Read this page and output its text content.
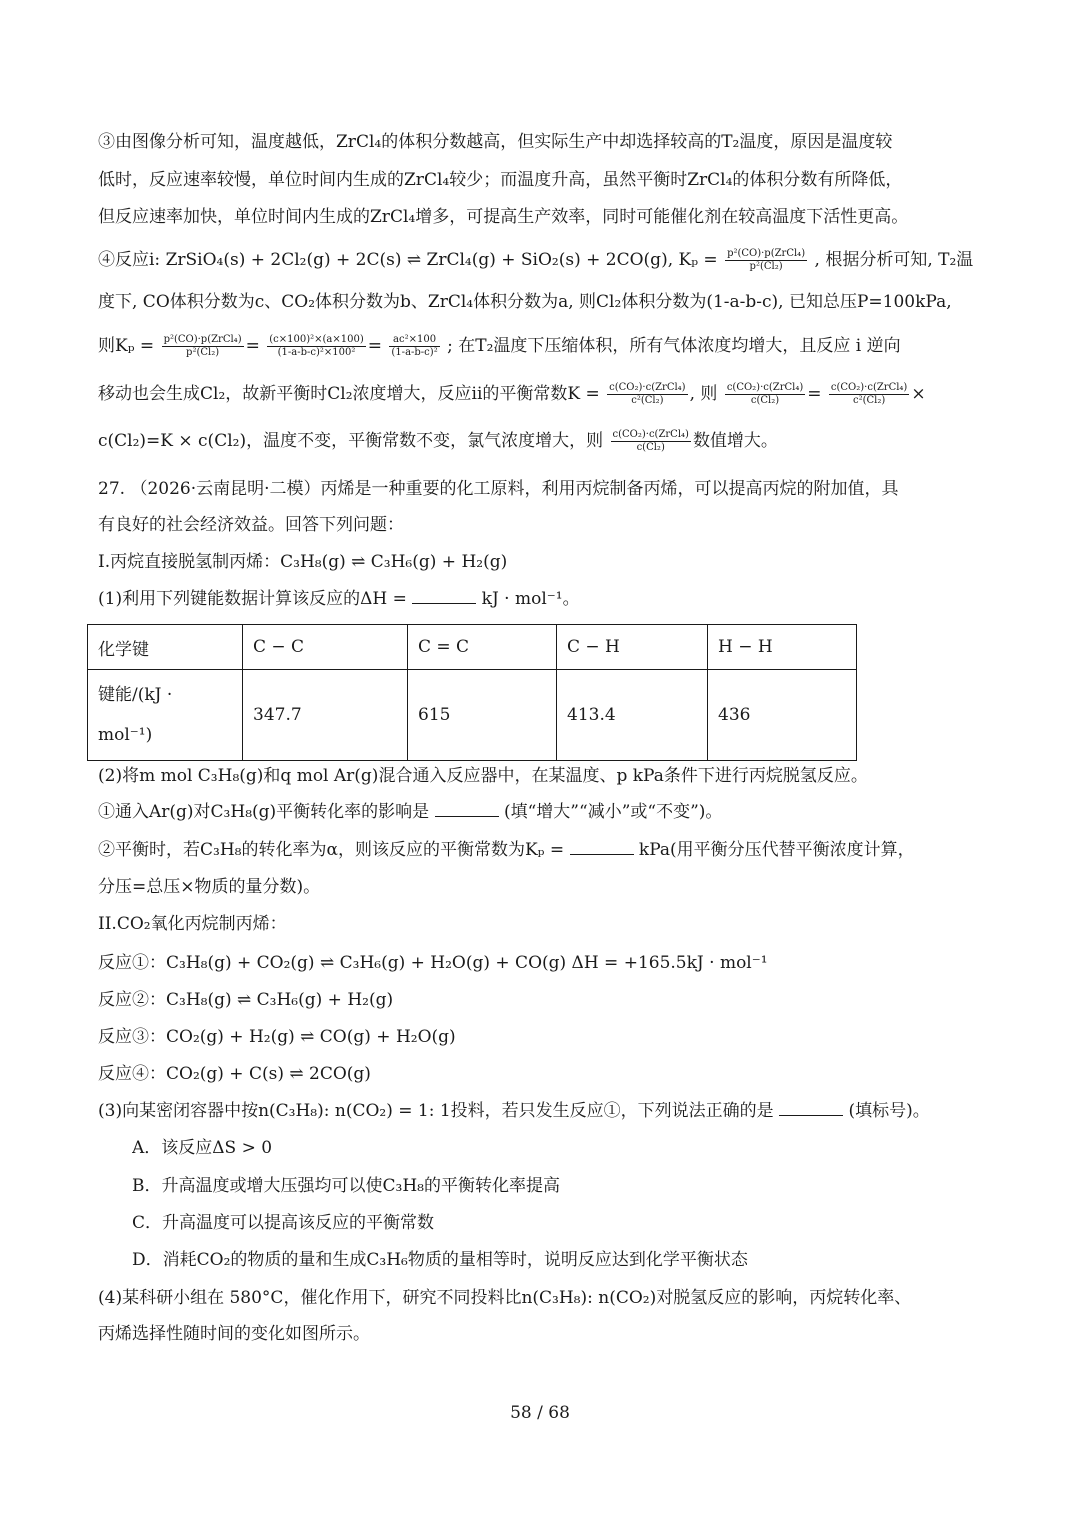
③由图像分析可知，温度越低，ZrCl₄的体积分数越高，但实际生产中却选择较高的T₂温度，原因是温度较
低时，反应速率较慢，单位时间内生成的ZrCl₄较少；而温度升高，虽然平衡时ZrCl₄的体积分数有所降低，
但反应速率加快，单位时间内生成的ZrCl₄增多，可提高生产效率，同时可能催化剂在较高温度下活性更高。
④反应i: ZrSiO₄(s) + 2Cl₂(g) + 2C(s) ⇌ ZrCl₄(g) + SiO₂(s) + 2CO(g), $K_p = \frac{\text{p²(CO)·p(ZrCl₄)}}{\text{p²(Cl₂)}}$ , 根据分析可知, T₂温
度下, CO体积分数为c、CO₂体积分数为b、ZrCl₄体积分数为a, 则Cl₂体积分数为(1-a-b-c), 已知总压P=100kPa,
则$K_p = \frac{\text{p²(CO)·p(ZrCl₄)}}{\text{p²(Cl₂)}} = \frac{\text{(c×100)²×(a×100)}}{\text{(1-a-b-c)²×100²}} = \frac{\text{ac²×100}}{\text{(1-a-b-c)²}}$ ; 在T₂温度下压缩体积，所有气体浓度均增大，且反应 i 逆向
移动也会生成Cl₂，故新平衡时Cl₂浓度增大，反应ii的平衡常数$K = \frac{\text{c(CO₂)·c(ZrCl₄)}}{\text{c²(Cl₂)}}$ , 则 $\frac{\text{c(CO₂)·c(ZrCl₄)}}{\text{c(Cl₂)}} = \frac{\text{c(CO₂)·c(ZrCl₄)}}{\text{c²(Cl₂)}}$ ×
c(Cl₂)=K × c(Cl₂)，温度不变，平衡常数不变，氯气浓度增大，则 $\frac{\text{c(CO₂)·c(ZrCl₄)}}{\text{c(Cl₂)}}$ 数值增大。
27. （2026·云南昆明·二模）丙烯是一种重要的化工原料，利用丙烷制备丙烯，可以提高丙烷的附加值，具
有良好的社会经济效益。回答下列问题：
I.丙烷直接脱氢制丙烯：C₃H₈(g) ⇌ C₃H₆(g) + H₂(g)
(1)利用下列键能数据计算该反应的ΔH =	kJ · mol⁻¹。
化学键	C − C	C = C	C − H	H − H
键能/(kJ ·
mol⁻¹)	347.7	615	413.4	436
(2)将m mol C₃H₈(g)和q mol Ar(g)混合通入反应器中，在某温度、p kPa条件下进行丙烷脱氢反应。
①通入Ar(g)对C₃H₈(g)平衡转化率的影响是	(填“增大”“减小”或“不变”)。
②平衡时，若C₃H₈的转化率为α，则该反应的平衡常数为Kₚ =	kPa(用平衡分压代替平衡浓度计算，
分压=总压×物质的量分数)。
II.CO₂氧化丙烷制丙烯：
反应①：C₃H₈(g) + CO₂(g) ⇌ C₃H₆(g) + H₂O(g) + CO(g) ΔH = +165.5kJ · mol⁻¹
反应②：C₃H₈(g) ⇌ C₃H₆(g) + H₂(g)
反应③：CO₂(g) + H₂(g) ⇌ CO(g) + H₂O(g)
反应④：CO₂(g) + C(s) ⇌ 2CO(g)
(3)向某密闭容器中按n(C₃H₈): n(CO₂) = 1: 1投料，若只发生反应①，下列说法正确的是	(填标号)。
A．该反应ΔS > 0
B．升高温度或增大压强均可以使C₃H₈的平衡转化率提高
C．升高温度可以提高该反应的平衡常数
D．消耗CO₂的物质的量和生成C₃H₆物质的量相等时，说明反应达到化学平衡状态
(4)某科研小组在 580°C，催化作用下，研究不同投料比n(C₃H₈): n(CO₂)对脱氢反应的影响，丙烷转化率、
丙烯选择性随时间的变化如图所示。
58 / 68
